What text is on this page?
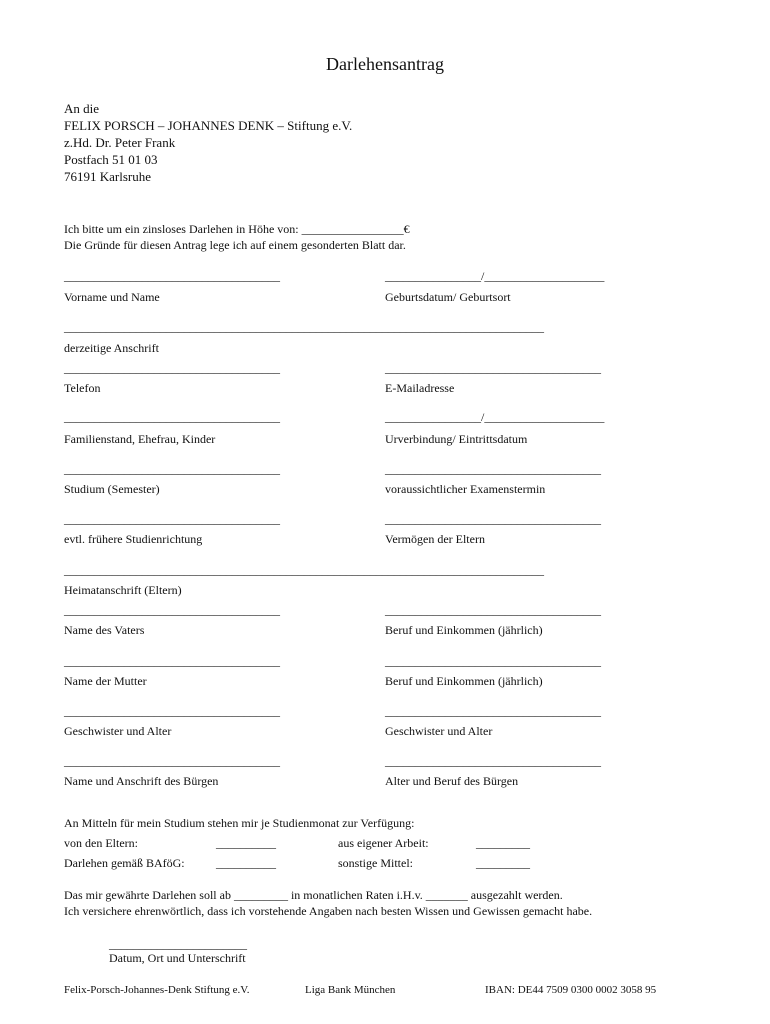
Darlehensantrag
An die
FELIX PORSCH – JOHANNES DENK – Stiftung e.V.
z.Hd. Dr. Peter Frank
Postfach 51 01 03
76191 Karlsruhe
Ich bitte um ein zinsloses Darlehen in Höhe von: _________________€
Die Gründe für diesen Antrag lege ich auf einem gesonderten Blatt dar.
____________________________________	________________/____________________
Vorname und Name	Geburtsdatum/ Geburtsort
________________________________________________________________________________
derzeitige Anschrift
____________________________________	____________________________________
Telefon	E-Mailadresse
____________________________________	________________/____________________
Familienstand, Ehefrau, Kinder	Urverbindung/ Eintrittsdatum
____________________________________	____________________________________
Studium (Semester)	voraussichtlicher Examenstermin
____________________________________	____________________________________
evtl. frühere Studienrichtung	Vermögen der Eltern
________________________________________________________________________________
Heimatanschrift (Eltern)
____________________________________	____________________________________
Name des Vaters	Beruf und Einkommen (jährlich)
____________________________________	____________________________________
Name der Mutter	Beruf und Einkommen (jährlich)
____________________________________	____________________________________
Geschwister und Alter	Geschwister und Alter
____________________________________	____________________________________
Name und Anschrift des Bürgen	Alter und Beruf des Bürgen
An Mitteln für mein Studium stehen mir je Studienmonat zur Verfügung:
von den Eltern:	__________	aus eigener Arbeit:	_________
Darlehen gemäß BAföG:	__________	sonstige Mittel:	_________
Das mir gewährte Darlehen soll ab _________ in monatlichen Raten i.H.v. _______ ausgezahlt werden.
Ich versichere ehrenwörtlich, dass ich vorstehende Angaben nach besten Wissen und Gewissen gemacht habe.
_______________________
Datum, Ort und Unterschrift
Felix-Porsch-Johannes-Denk Stiftung e.V.	Liga Bank München	IBAN: DE44 7509 0300 0002 3058 95
